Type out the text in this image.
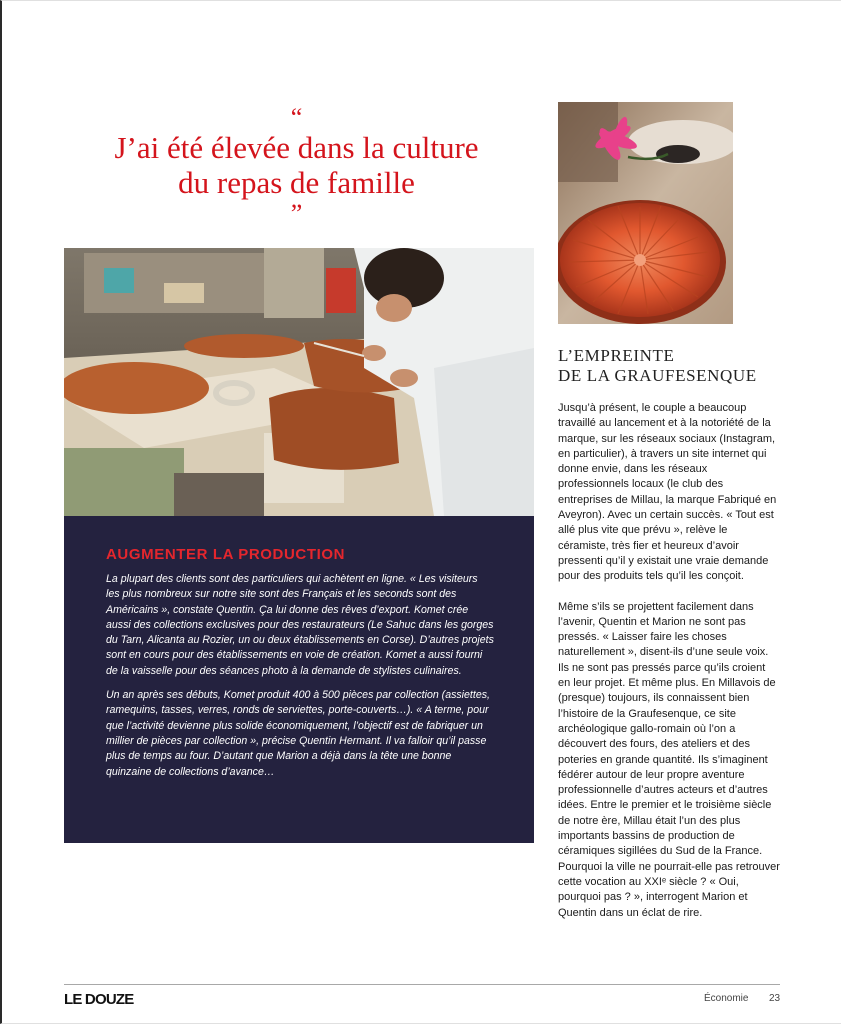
“
J’ai été élevée dans la culture
du repas de famille
”
AUGMENTER LA PRODUCTION

La plupart des clients sont des particuliers qui achètent en ligne. « Les visiteurs les plus nombreux sur notre site sont des Français et les seconds sont des Américains », constate Quentin. Ça lui donne des rêves d’export. Komet crée aussi des collections exclusives pour des restaurateurs (Le Sahuc dans les gorges du Tarn, Alicanta au Rozier, un ou deux établissements en Corse). D’autres projets sont en cours pour des établissements en voie de création. Komet a aussi fourni de la vaisselle pour des séances photo à la demande de stylistes culinaires.

Un an après ses débuts, Komet produit 400 à 500 pièces par collection (assiettes, ramequins, tasses, verres, ronds de serviettes, porte-couverts…). « A terme, pour que l’activité devienne plus solide économiquement, l’objectif est de fabriquer un millier de pièces par collection », précise Quentin Hermant. Il va falloir qu’il passe plus de temps au four. D’autant que Marion a déjà dans la tête une bonne quinzaine de collections d’avance…

L’EMPREINTE
DE LA GRAUFESENQUE

Jusqu’à présent, le couple a beaucoup travaillé au lancement et à la notoriété de la marque, sur les réseaux sociaux (Instagram, en particulier), à travers un site internet qui donne envie, dans les réseaux professionnels locaux (le club des entreprises de Millau, la marque Fabriqué en Aveyron). Avec un certain succès. « Tout est allé plus vite que prévu », relève le céramiste, très fier et heureux d’avoir pressenti qu’il y existait une vraie demande pour des produits tels qu’il les conçoit.

Même s’ils se projettent facilement dans l’avenir, Quentin et Marion ne sont pas pressés. « Laisser faire les choses naturellement », disent-ils d’une seule voix. Ils ne sont pas pressés parce qu’ils croient en leur projet. Et même plus. En Millavois de (presque) toujours, ils connaissent bien l’histoire de la Graufesenque, ce site archéologique gallo-romain où l’on a découvert des fours, des ateliers et des poteries en grande quantité. Ils s’imaginent fédérer autour de leur propre aventure professionnelle d’autres acteurs et d’autres idées. Entre le premier et le troisième siècle de notre ère, Millau était l’un des plus importants bassins de production de céramiques sigillées du Sud de la France. Pourquoi la ville ne pourrait-elle pas retrouver cette vocation au XXIᵉ siècle ? « Oui, pourquoi pas ? », interrogent Marion et Quentin dans un éclat de rire.

LE DOUZE	Économie 23
